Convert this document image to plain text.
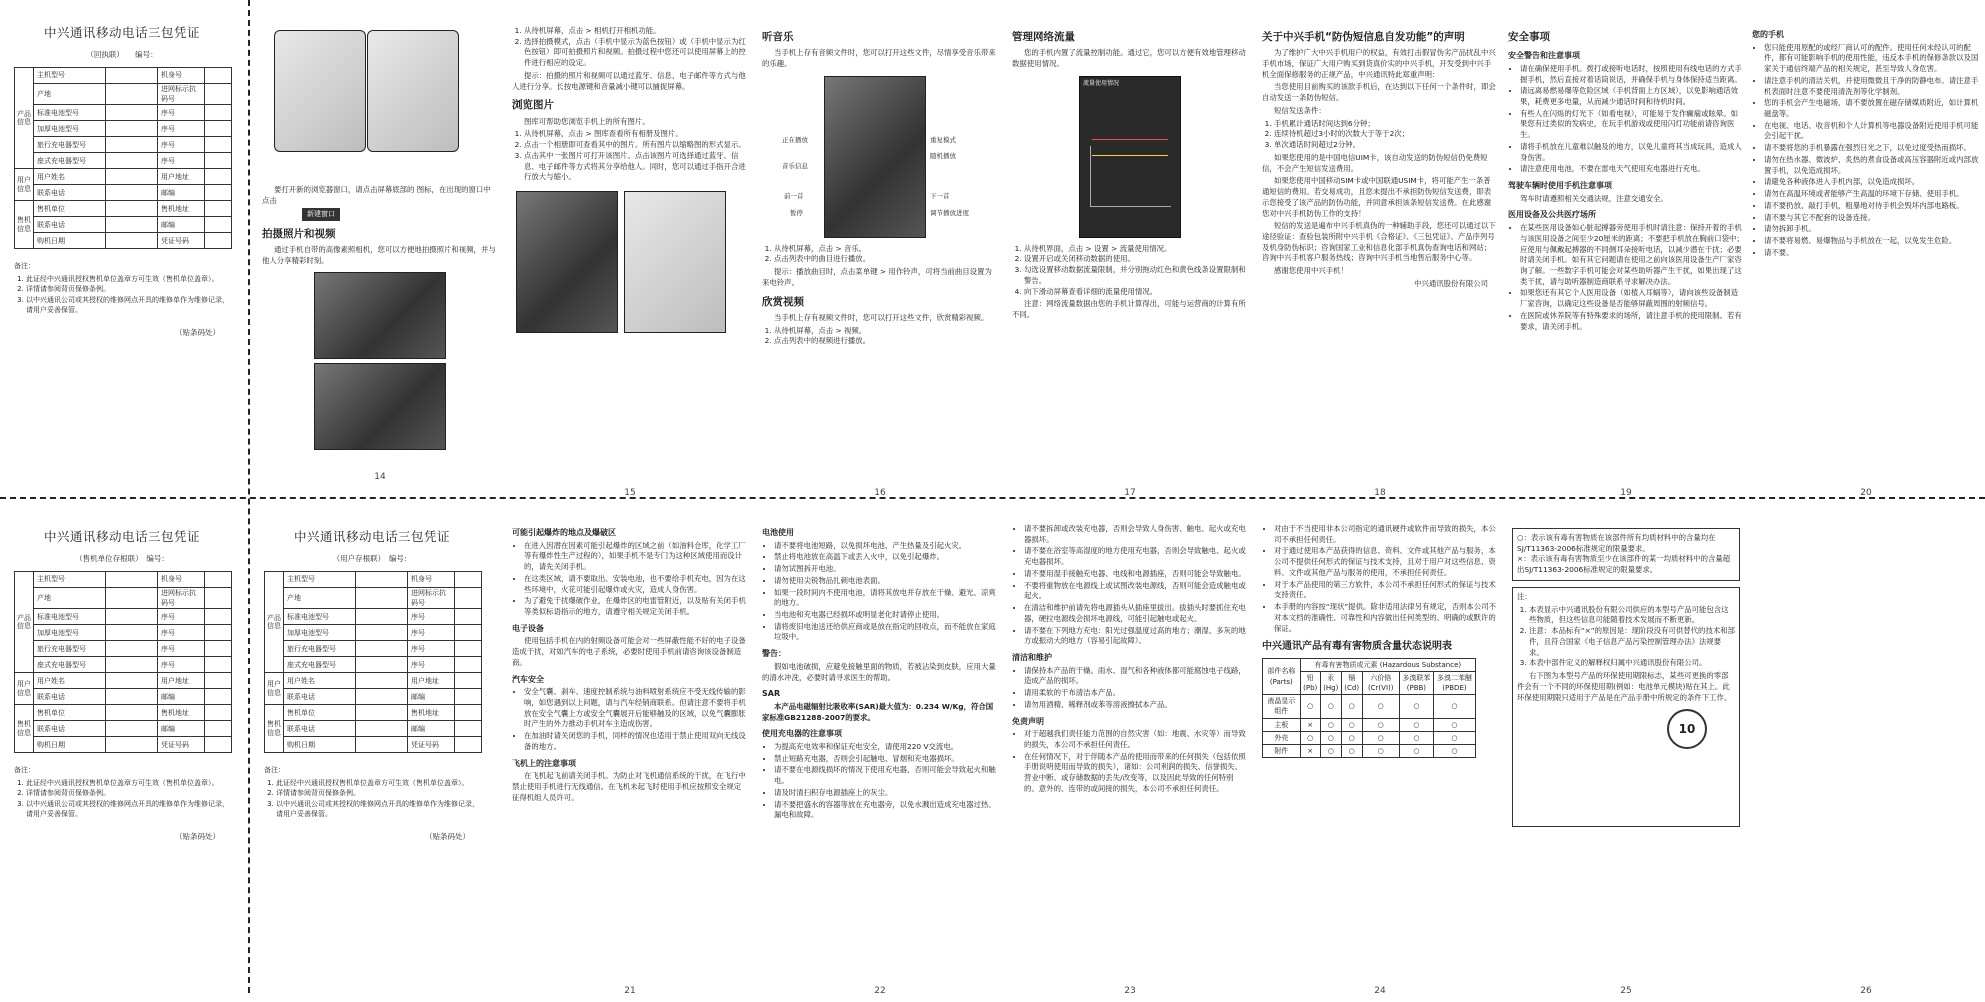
中兴通讯移动电话三包凭证
（回执联）　　编号：
产品信息	主机型号		机身号	
	产地		进网标示抗码号	
	标准电池型号		序号	
	加厚电池型号		序号	
	旅行充电器型号		序号	
	座式充电器型号		序号	
用户信息	用户姓名		用户地址	
	联系电话		邮编	
售机信息	售机单位		售机地址	
	联系电话		邮编	
	购机日期		凭证号码	
备注：
1. 此证经中兴通讯授权售机单位盖章方可生效（售机单位盖章）。
2. 详情请参阅背页保修条例。
3. 以中兴通讯公司或其授权的维修网点开具的维修单作为维修记录，请用户妥善保管。
（贴条码处）
中兴通讯移动电话三包凭证
（售机单位存根联）　编号：
产品信息	主机型号		机身号	
	产地		进网标示抗码号	
	标准电池型号		序号	
	加厚电池型号		序号	
	旅行充电器型号		序号	
	座式充电器型号		序号	
用户信息	用户姓名		用户地址	
	联系电话		邮编	
售机信息	售机单位		售机地址	
	联系电话		邮编	
	购机日期		凭证号码	
备注：
1. 此证经中兴通讯授权售机单位盖章方可生效（售机单位盖章）。
2. 详情请参阅背页保修条例。
3. 以中兴通讯公司或其授权的维修网点开具的维修单作为维修记录，请用户妥善保管。
（贴条码处）
中兴通讯移动电话三包凭证
（用户存根联）　编号：
产品信息	主机型号		机身号	
	产地		进网标示抗码号	
	标准电池型号		序号	
	加厚电池型号		序号	
	旅行充电器型号		序号	
	座式充电器型号		序号	
用户信息	用户姓名		用户地址	
	联系电话		邮编	
售机信息	售机单位		售机地址	
	联系电话		邮编	
	购机日期		凭证号码	
备注：
1. 此证经中兴通讯授权售机单位盖章方可生效（售机单位盖章）。
2. 详情请参阅背页保修条例。
3. 以中兴通讯公司或其授权的维修网点开具的维修单作为维修记录，请用户妥善保管。
（贴条码处）

要打开新的浏览器窗口，请点击屏幕底部的 图标，在出现的窗口中点击

新建窗口
拍摄照片和视频

通过手机自带的高像素照相机，您可以方便地拍摄照片和视频，并与他人分享精彩时刻。

14
1. 从待机屏幕，点击 > 相机打开相机功能。
2. 选择拍摄模式，点击（手机中显示为蓝色按钮）或（手机中显示为红色按钮）即可拍摄照片和视频。拍摄过程中您还可以使用屏幕上的控件进行相应的设定。

提示：拍摄的照片和视频可以通过蓝牙、信息、电子邮件等方式与他人进行分享。长按电源键和音量减小键可以捕捉屏幕。

浏览图片

图库可帮助您浏览手机上的所有图片。

1. 从待机屏幕，点击 > 图库查看所有相册及图片。
2. 点击一个相册即可查看其中的图片。所有图片以缩略图的形式显示。
3. 点击其中一张图片可打开该图片。点击该图片可选择通过蓝牙、信息、电子邮件等方式将其分享给他人。同时，您可以通过手指开合进行放大与缩小。
15
听音乐

当手机上存有音频文件时，您可以打开这些文件，尽情享受音乐带来的乐趣。

正在播放
音乐信息
前一首
暂停
重复模式
随机播放
下一首
调节播放进度
1. 从待机屏幕，点击 > 音乐。
2. 点击列表中的曲目进行播放。

提示：播放曲目时，点击菜单键 > 用作铃声，可将当前曲目设置为来电铃声。

欣赏视频

当手机上存有视频文件时，您可以打开这些文件，欣赏精彩视频。

1. 从待机屏幕，点击 > 视频。
2. 点击列表中的视频进行播放。
16
管理网络流量

您的手机内置了流量控制功能。通过它，您可以方便有效地管理移动数据使用情况。

流量使用情况
1. 从待机界面，点击 > 设置 > 流量使用情况。
2. 设置开启或关闭移动数据的使用。
3. 勾选设置移动数据流量限制，并分别拖动红色和黄色线条设置限制和警告。
4. 向下滑动屏幕查看详细的流量使用情况。

注意：网络流量数据由您的手机计算得出，可能与运营商的计算有所不同。

17
关于中兴手机“防伪短信息自发功能”的声明

为了维护广大中兴手机用户的权益，有效打击假冒伪劣产品扰乱中兴手机市场，保证广大用户购买到货真价实的中兴手机，开发受到中兴手机全面保修服务的正规产品，中兴通讯特此郑重声明：

当您使用目前购买的该款手机后，在达到以下任何一个条件时，即会自动发送一条防伪短信。

短信发送条件：

1. 手机累计通话时间达到6分钟；
2. 连续待机超过3小时的次数大于等于2次；
3. 单次通话时间超过2分钟。

如果您使用的是中国电信UIM卡，该自动发送的防伪短信仍免费短信，不会产生短信发送费用。

如果您使用中国移动SIM卡或中国联通USIM卡，将可能产生一条普通短信的费用。若交易成功，且您未提出不承担防伪短信发送费，即表示您接受了该产品的防伪功能，并同意承担该条短信发送费。在此感谢您对中兴手机防伪工作的支持！

短信的发送是遍布中兴手机真伪的一种辅助手段，您还可以通过以下途径验证：查验包装所附中兴手机《合格证》、《三包凭证》、产品序列号及机身防伪标识；咨询国家工业和信息化部手机真伪查询电话和网站；咨询中兴手机客户服务热线；咨询中兴手机当地售后服务中心等。

感谢您使用中兴手机！

中兴通讯股份有限公司
18
安全事项
安全警告和注意事项
• 请在确保使用手机。拨打或接听电话时，按照使用有线电话的方式手握手机，然后直接对着话筒说话，并确保手机与身体保持适当距离。
• 请远离易燃易爆等危险区域（手机背面上方区域），以免影响通话效果，耗费更多电量，从而减少通话时间和待机时间。
• 有些人在闪烁的灯光下（如看电视），可能易于发作癫痫或眩晕。如果您有过类似的发病史，在玩手机游戏或使用闪灯功能前请咨询医生。
• 请将手机放在儿童难以触及的地方，以免儿童将其当成玩具，造成人身伤害。
• 请注意使用电池，不要在雷电天气使用充电器进行充电。
驾驶车辆时使用手机注意事项

驾车时请遵照相关交通法规，注意交通安全。

医用设备及公共医疗场所
• 在某些医用设备如心脏起搏器旁使用手机时请注意：保持开着的手机与该医用设备之间至少20厘米的距离；不要把手机放在胸前口袋中；应使用与佩戴起搏器的不同侧耳朵接听电话，以减少潜在干扰；必要时请关闭手机。如有其它问题请在使用之前向该医用设备生产厂家咨询了解。一些数字手机可能会对某些助听器产生干扰，如果出现了这类干扰，请与助听器制造商联系寻求解决办法。
• 如果您还有其它个人医用设备（如植入耳蜗等），请向该些设备制造厂家咨询，以确定这些设备是否能够屏蔽周围的射频信号。
• 在医院或休养院等有特殊要求的场所，请注意手机的使用限制。若有要求，请关闭手机。
19
您的手机
• 您只能使用原配的或经厂商认可的配件。使用任何未经认可的配件，都有可能影响手机的使用性能，违反本手机的保修条款以及国家关于通信终端产品的相关规定，甚至导致人身危害。
• 请注意手机的清洁关机，并使用微微且干净的防静电布。请注意手机表面时注意不要使用清洗剂等化学制剂。
• 您的手机会产生电磁场，请不要放置在磁存储媒质附近，如计算机磁盘等。
• 在电视、电话、收音机和个人计算机等电器设备附近使用手机可能会引起干扰。
• 请不要将您的手机暴露在强烈日光之下，以免过度受热而损坏。
• 请勿在热水器、微波炉、炙热的煮食设备或高压容器附近或内部放置手机，以免造成损坏。
• 请避免各种液体进入手机内部，以免造成损坏。
• 请勿在高温环境或者能够产生高温的环境下存储、使用手机。
• 请不要扔放、敲打手机，粗暴地对待手机会毁坏内部电路板。
• 请不要与其它不配套的设备连接。
• 请勿拆卸手机。
• 请不要将易燃、易爆物品与手机放在一起，以免发生危险。
• 请不要。
20
可能引起爆炸的地点及爆破区
• 在进入因潜在因素可能引起爆炸的区域之前（如油料仓库，化学工厂等有爆炸性生产过程的），如果手机不是专门为这种区域使用而设计的，请先关闭手机。
• 在这类区域，请不要取出、安装电池，也不要给手机充电，因为在这些环境中，火花可能引起爆炸或火灾，造成人身伤害。
• 为了避免干扰爆破作业，在爆炸区的电雷管附近，以及贴有关闭手机等类似标语指示的地方，请遵守相关规定关闭手机。
电子设备

使用包括手机在内的射频设备可能会对一些屏蔽性能不好的电子设备造成干扰，对如汽车的电子系统，必要时使用手机前请咨询该设备制造商。

汽车安全
• 安全气囊、刹车、速度控制系统与油料喷射系统应不受无线传输的影响，如您遇到以上问题，请与汽车经销商联系。但请注意不要将手机放在安全气囊上方或安全气囊展开后能够触及的区域，以免气囊膨胀时产生的外力推动手机对车主造成伤害。
• 在加油时请关闭您的手机，同样的情况也适用于禁止使用双向无线设备的地方。
飞机上的注意事项

在飞机起飞前请关闭手机。为防止对飞机通信系统的干扰，在飞行中禁止使用手机进行无线通信。在飞机未起飞时使用手机应按照安全规定征得机组人员许可。

21
电池使用
• 请不要将电池短路，以免损坏电池、产生热量及引起火灾。
• 禁止将电池放在高温下或丢入火中，以免引起爆炸。
• 请勿试图拆开电池。
• 请勿使用尖锐物品扎刺电池表面。
• 如果一段时间内不使用电池，请将其放电并存放在干燥、避光、凉爽的地方。
• 当电池和充电器已经损坏或明显老化时请停止使用。
• 请将废旧电池送还给供应商或是放在指定的回收点，而不能放在家庭垃圾中。
警告：

假如电池破损，应避免接触里面的物质，若被沾染到皮肤，应用大量的清水冲洗，必要时请寻求医生的帮助。

SAR

本产品电磁辐射比吸收率(SAR)最大值为：0.234 W/Kg，符合国家标准GB21288-2007的要求。

使用充电器的注意事项
• 为提高充电效率和保证充电安全，请使用220 V交流电。
• 禁止短路充电器，否则会引起触电、冒烟和充电器损坏。
• 请不要在电源线损坏的情况下使用充电器，否则可能会导致起火和触电。
• 请及时清扫积存电源插座上的灰尘。
• 请不要把盛水的容器等放在充电器旁，以免水溅出造成充电器过热、漏电和故障。
22
• 请不要拆卸或改装充电器，否则会导致人身伤害、触电、起火或充电器损坏。
• 请不要在浴室等高湿度的地方使用充电器，否则会导致触电、起火或充电器损坏。
• 请不要用湿手接触充电器、电线和电源插座，否则可能会导致触电。
• 不要将重物放在电源线上或试图改装电源线，否则可能会造成触电或起火。
• 在清洁和维护前请先将电源插头从插座里拔出。拔插头时要抓住充电器，硬拉电源线会损坏电源线，可能引起触电或起火。
• 请不要在下列地方充电：阳光过强温度过高的地方；潮湿、多灰的地方或振动大的地方（容易引起故障）。
清洁和维护
• 请保持本产品的干燥。雨水、湿气和各种液体都可能腐蚀电子线路，造成产品的损坏。
• 请用柔软的干布清洁本产品。
• 请勿用酒精、稀释剂或苯等溶液擦拭本产品。
免责声明
• 对于超越我们责任能力范围的自然灾害（如：地震、水灾等）而导致的损失，本公司不承担任何责任。
• 在任何情况下，对于伴随本产品的使用而带来的任何损失（包括依照手册说明使用而导致的损失），诸如：公司利润的损失、信誉损失、营业中断、或存储数据的丢失/改变等，以及因此导致的任何特别的、意外的、连带的或间接的损失，本公司不承担任何责任。
23
• 对由于不当使用非本公司指定的通讯硬件或软件而导致的损失，本公司不承担任何责任。
• 对于通过使用本产品获得的信息、资料、文件或其他产品与服务，本公司不提供任何形式的保证与技术支持，且对于用户对这些信息、资料、文件或其他产品与服务的使用，不承担任何责任。
• 对于本产品使用的第三方软件，本公司不承担任何形式的保证与技术支持责任。
• 本手册的内容按“现状”提供。除非适用法律另有规定，否则本公司不对本文档的准确性、可靠性和内容做出任何类型的、明确的或默许的保证。
中兴通讯产品有毒有害物质含量状态说明表
部件名称(Parts)	有毒有害物质或元素 (Hazardous Substance)					
	铅(Pb)	汞(Hg)	镉(Cd)	六价铬(Cr(VI))	多溴联苯(PBB)	多溴二苯醚(PBDE)
液晶显示组件	○	○	○	○	○	○
主板	×	○	○	○	○	○
外壳	○	○	○	○	○	○
附件	×	○	○	○	○	○
24
○：表示该有毒有害物质在该部件所有均质材料中的含量均在SJ/T11363-2006标准规定的限量要求。
×：表示该有毒有害物质至少在该部件的某一均质材料中的含量超出SJ/T11363-2006标准规定的限量要求。
注：
1. 本表显示中兴通讯股份有限公司供应的本型号产品可能包含这些物质，但这些信息可能随着技术发展而不断更新。
2. 注意：本品标有“×”的原因是：现阶段没有可供替代的技术和部件，且符合国家《电子信息产品污染控制管理办法》法规要求。
3. 本表中部件定义的解释权归属中兴通讯股份有限公司。

右下图为本型号产品的环保使用期限标志，某些可更换的零部件会有一个不同的环保使用期(例如：电池单元模块)贴在其上。此环保使用期限只适用于产品是在产品手册中所规定的条件下工作。

10
25	26
